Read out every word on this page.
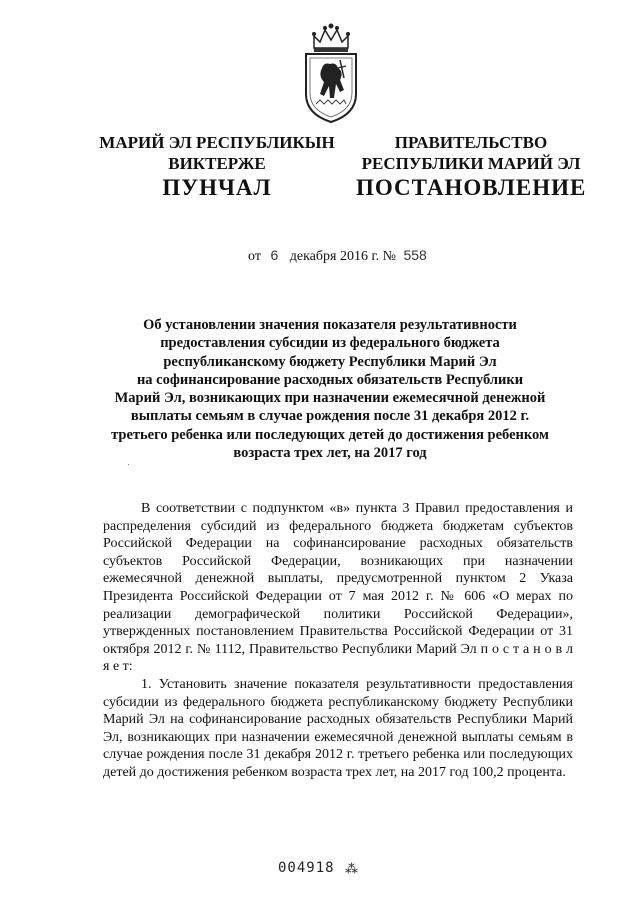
МАРИЙ ЭЛ РЕСПУБЛИКЫН
ВИКТЕРЖЕ
ПРАВИТЕЛЬСТВО
РЕСПУБЛИКИ МАРИЙ ЭЛ
ПУНЧАЛ	ПОСТАНОВЛЕНИЕ
от 6 декабря 2016 г. № 558
Об установлении значения показателя результативности
предоставления субсидии из федерального бюджета
республиканскому бюджету Республики Марий Эл
на софинансирование расходных обязательств Республики
Марий Эл, возникающих при назначении ежемесячной денежной
выплаты семьям в случае рождения после 31 декабря 2012 г.
третьего ребенка или последующих детей до достижения ребенком
возраста трех лет, на 2017 год

В соответствии с подпунктом «в» пункта 3 Правил предоставления и распределения субсидий из федерального бюджета бюджетам субъектов Российской Федерации на софинансирование расходных обязательств субъектов Российской Федерации, возникающих при назначении ежемесячной денежной выплаты, предусмотренной пунктом 2 Указа Президента Российской Федерации от 7 мая 2012 г. № 606 «О мерах по реализации демографической политики Российской Федерации», утвержденных постановлением Правительства Российской Федерации от 31 октября 2012 г. № 1112, Правительство Республики Марий Эл п о с т а н о в л я е т:

1. Установить значение показателя результативности предоставления субсидии из федерального бюджета республиканскому бюджету Республики Марий Эл на софинансирование расходных обязательств Республики Марий Эл, возникающих при назначении ежемесячной денежной выплаты семьям в случае рождения после 31 декабря 2012 г. третьего ребенка или последующих детей до достижения ребенком возраста трех лет, на 2017 год 100,2 процента.

004918 ⁂
